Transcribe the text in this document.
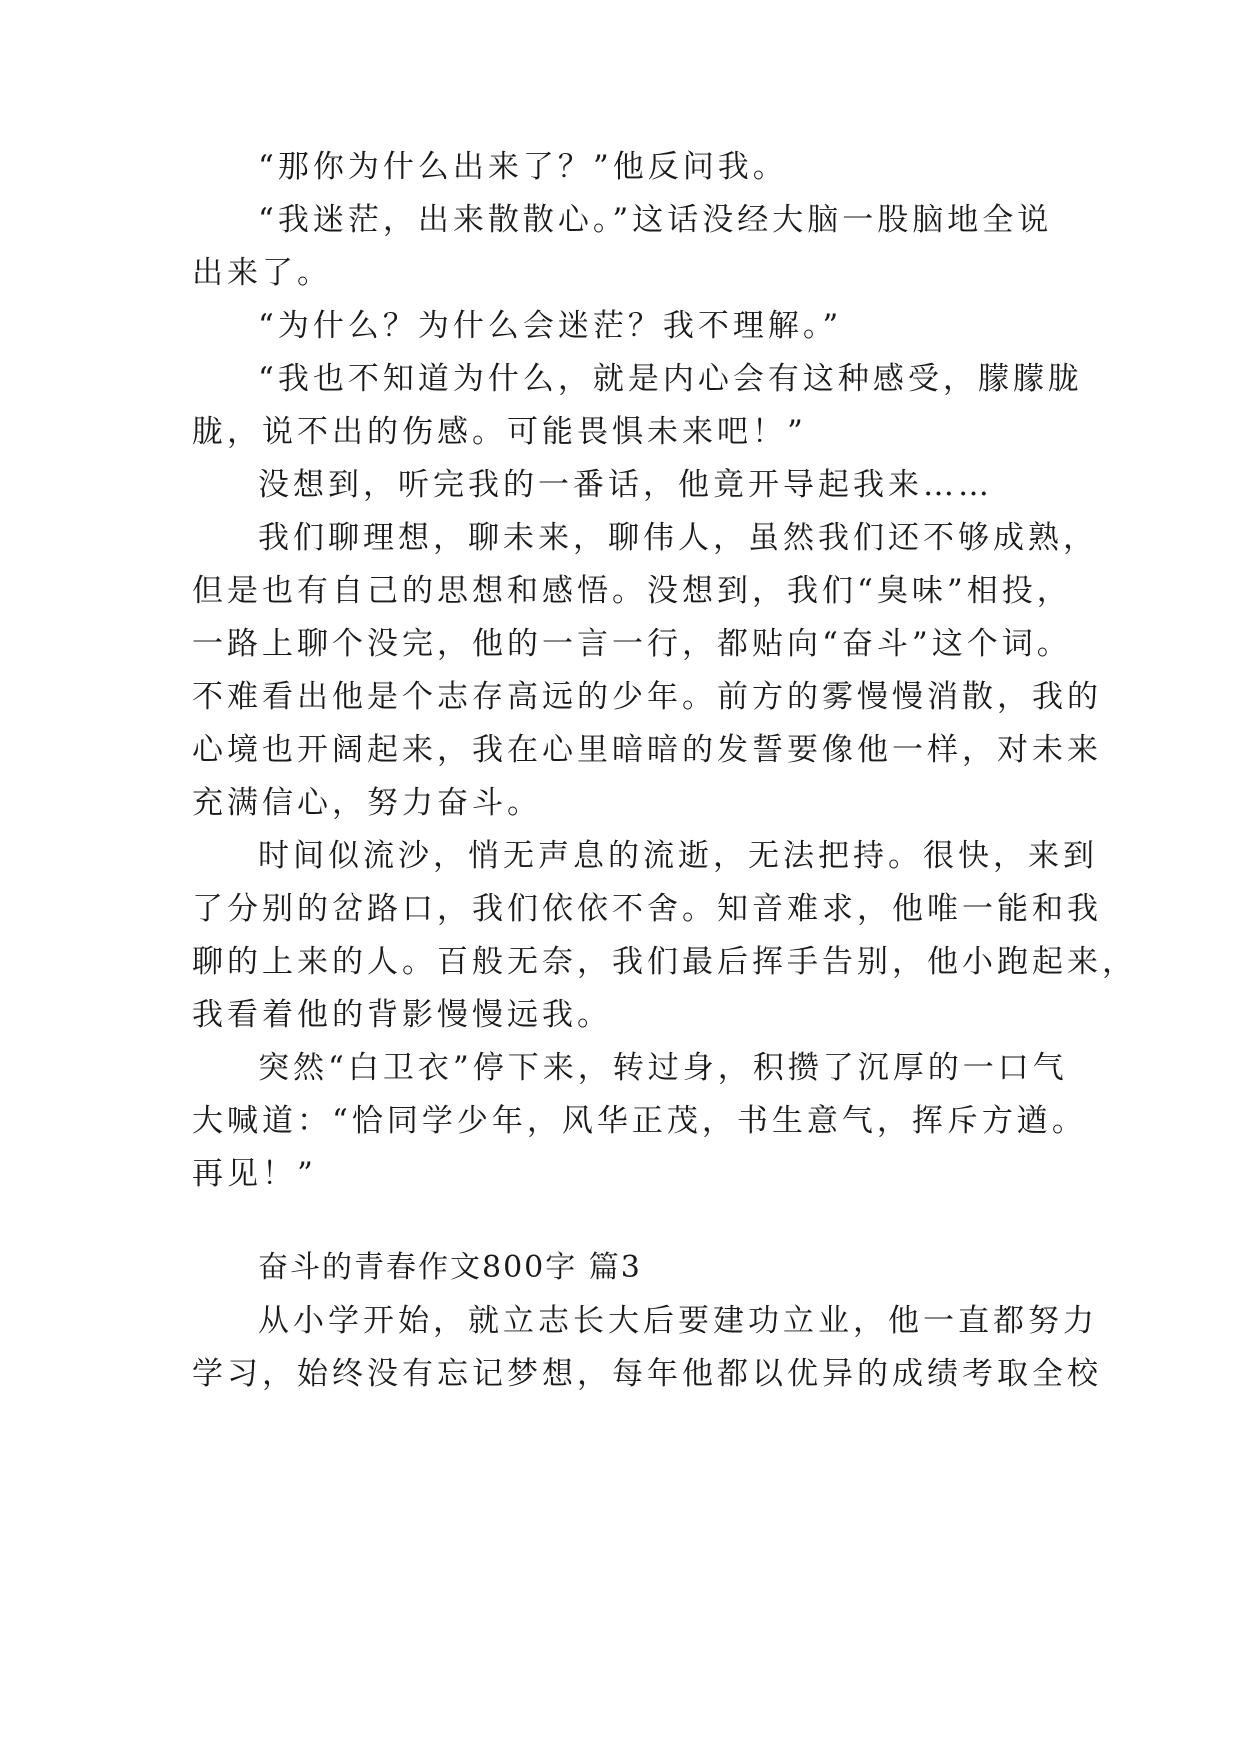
“那你为什么出来了？”他反问我。
“我迷茫，出来散散心。”这话没经大脑一股脑地全说
出来了。
“为什么？为什么会迷茫？我不理解。”
“我也不知道为什么，就是内心会有这种感受，朦朦胧
胧，说不出的伤感。可能畏惧未来吧！”
没想到，听完我的一番话，他竟开导起我来……
我们聊理想，聊未来，聊伟人，虽然我们还不够成熟，
但是也有自己的思想和感悟。没想到，我们“臭味”相投，
一路上聊个没完，他的一言一行，都贴向“奋斗”这个词。
不难看出他是个志存高远的少年。前方的雾慢慢消散，我的
心境也开阔起来，我在心里暗暗的发誓要像他一样，对未来
充满信心，努力奋斗。
时间似流沙，悄无声息的流逝，无法把持。很快，来到
了分别的岔路口，我们依依不舍。知音难求，他唯一能和我
聊的上来的人。百般无奈，我们最后挥手告别，他小跑起来，
我看着他的背影慢慢远我。
突然“白卫衣”停下来，转过身，积攒了沉厚的一口气
大喊道：“恰同学少年，风华正茂，书生意气，挥斥方遒。
再见！”
奋斗的青春作文800字 篇3
从小学开始，就立志长大后要建功立业，他一直都努力
学习，始终没有忘记梦想，每年他都以优异的成绩考取全校
